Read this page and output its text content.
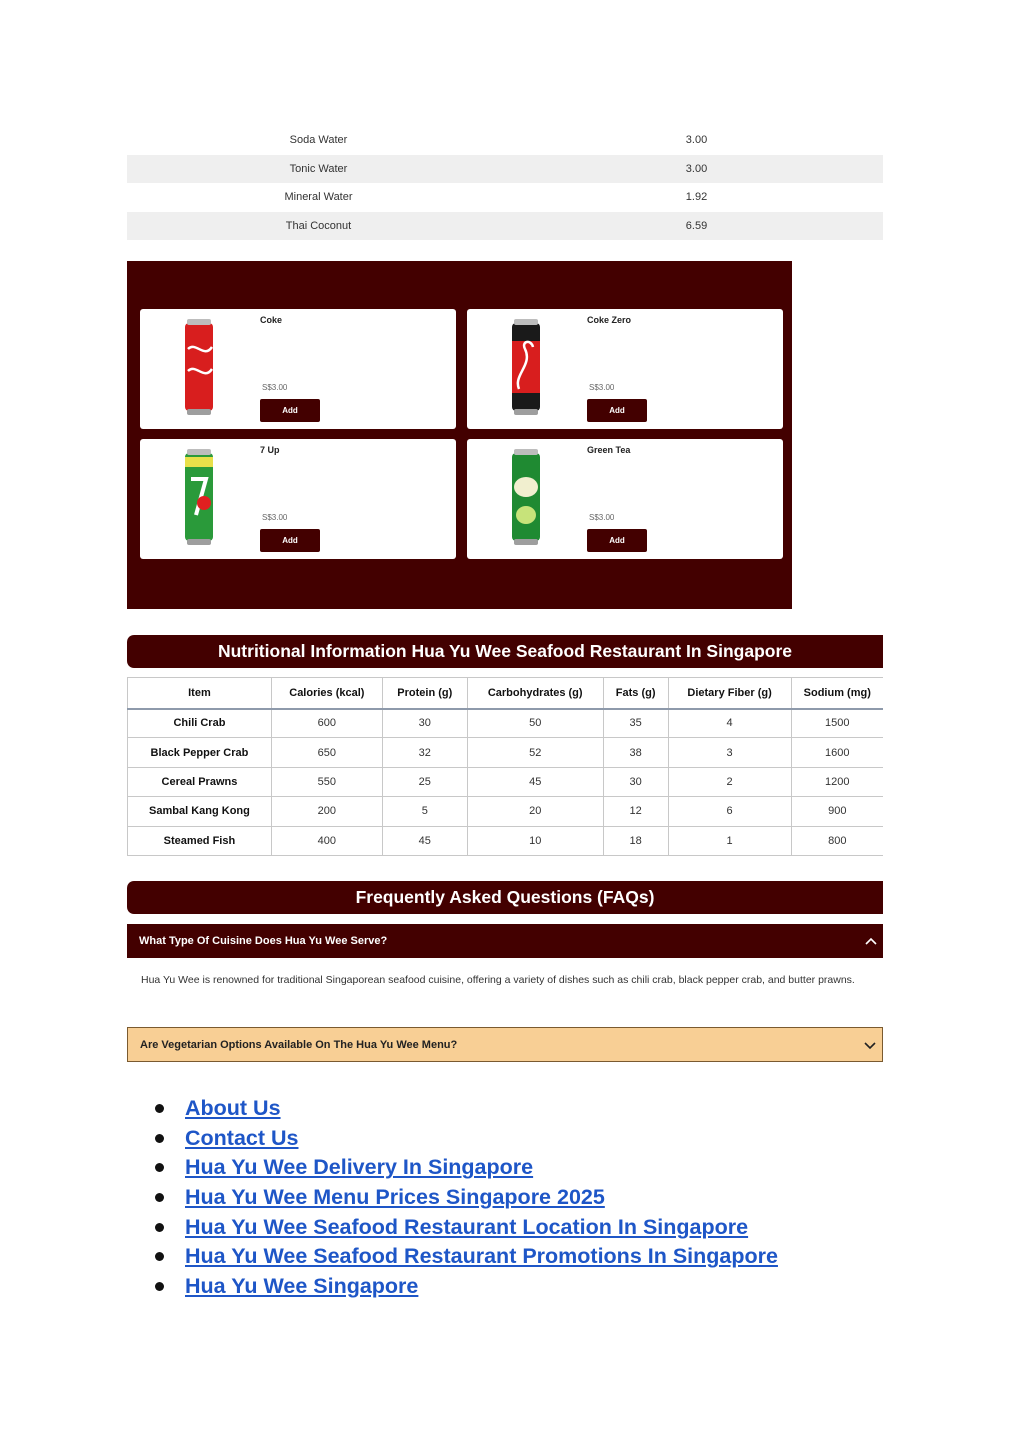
Soda Water	3.00
Tonic Water	3.00
Mineral Water	1.92
Thai Coconut	6.59
Coke
S$3.00
Add
Coke Zero
S$3.00
Add
7 Up
S$3.00
Add
Green Tea
S$3.00
Add
Nutritional Information Hua Yu Wee Seafood Restaurant In Singapore
Item	Calories (kcal)	Protein (g)	Carbohydrates (g)	Fats (g)	Dietary Fiber (g)	Sodium (mg)
Chili Crab	600	30	50	35	4	1500
Black Pepper Crab	650	32	52	38	3	1600
Cereal Prawns	550	25	45	30	2	1200
Sambal Kang Kong	200	5	20	12	6	900
Steamed Fish	400	45	10	18	1	800
Frequently Asked Questions (FAQs)
What Type Of Cuisine Does Hua Yu Wee Serve?
Hua Yu Wee is renowned for traditional Singaporean seafood cuisine, offering a variety of dishes such as chili crab, black pepper crab, and butter prawns.
Are Vegetarian Options Available On The Hua Yu Wee Menu?
About Us
Contact Us
Hua Yu Wee Delivery In Singapore
Hua Yu Wee Menu Prices Singapore 2025
Hua Yu Wee Seafood Restaurant Location In Singapore
Hua Yu Wee Seafood Restaurant Promotions In Singapore
Hua Yu Wee Singapore
